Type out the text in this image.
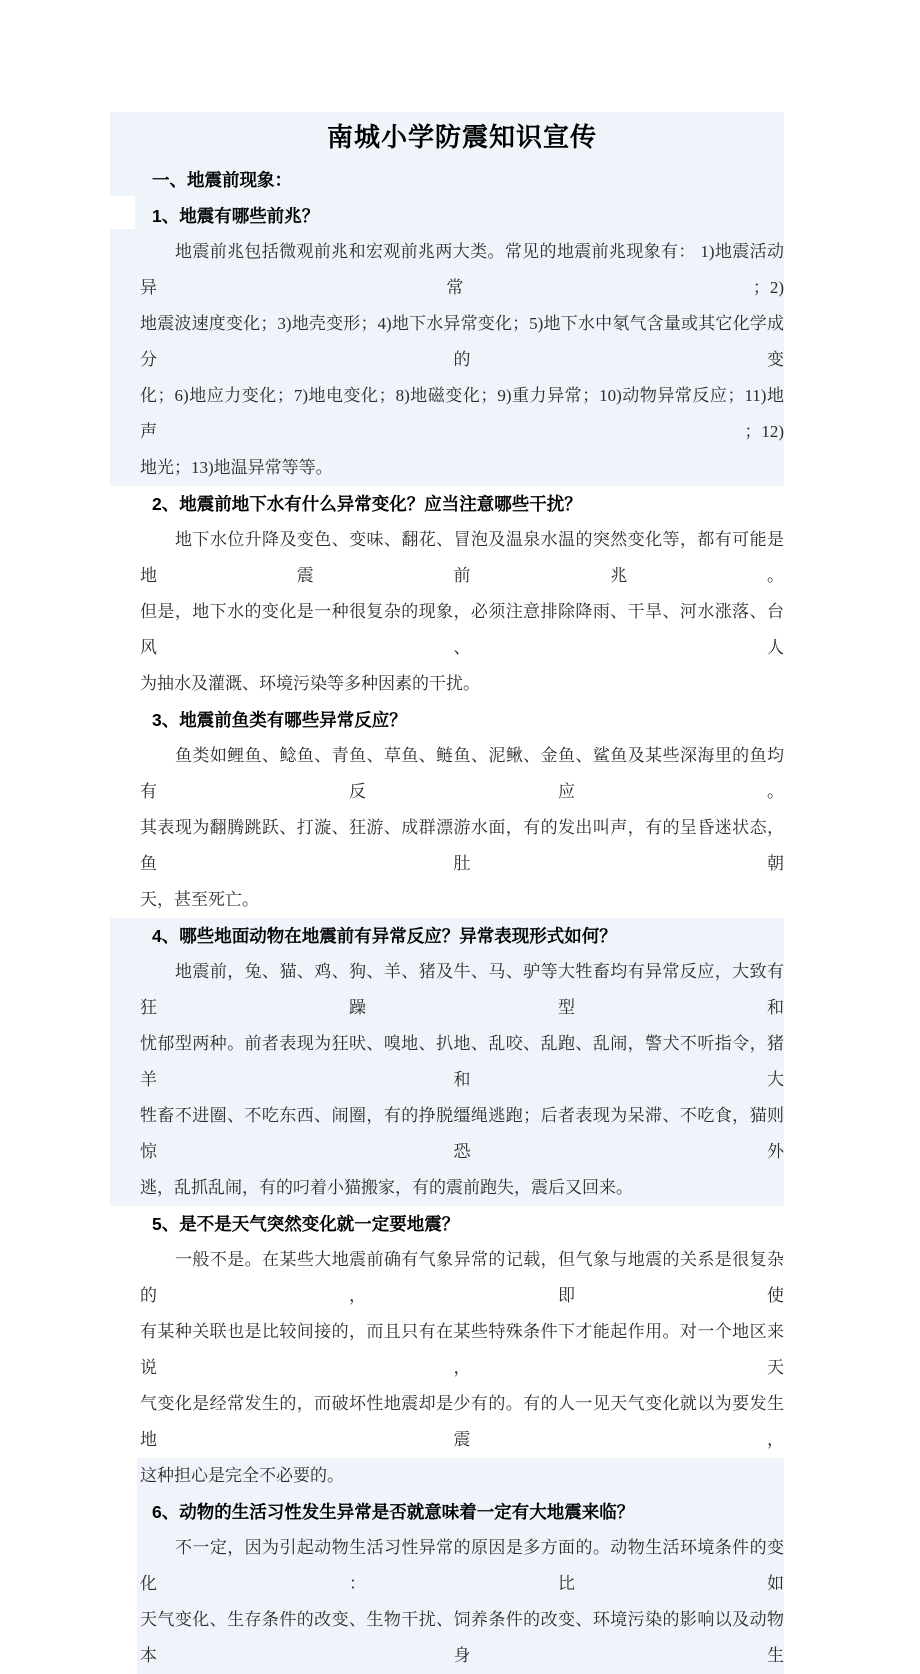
南城小学防震知识宣传
一、地震前现象：
1、地震有哪些前兆？
地震前兆包括微观前兆和宏观前兆两大类。常见的地震前兆现象有： 1)地震活动异常；2)
地震波速度变化；3)地壳变形；4)地下水异常变化；5)地下水中氡气含量或其它化学成分的变
化；6)地应力变化；7)地电变化；8)地磁变化；9)重力异常；10)动物异常反应；11)地声；12)
地光；13)地温异常等等。
2、地震前地下水有什么异常变化？应当注意哪些干扰？
地下水位升降及变色、变味、翻花、冒泡及温泉水温的突然变化等，都有可能是地震前兆。
但是，地下水的变化是一种很复杂的现象，必须注意排除降雨、干旱、河水涨落、台风、人
为抽水及灌溉、环境污染等多种因素的干扰。
3、地震前鱼类有哪些异常反应？
鱼类如鲤鱼、鲶鱼、青鱼、草鱼、鲢鱼、泥鳅、金鱼、鲨鱼及某些深海里的鱼均有反应。
其表现为翻腾跳跃、打漩、狂游、成群漂游水面，有的发出叫声，有的呈昏迷状态，鱼肚朝
天，甚至死亡。
4、哪些地面动物在地震前有异常反应？异常表现形式如何？
地震前，兔、猫、鸡、狗、羊、猪及牛、马、驴等大牲畜均有异常反应，大致有狂躁型和
忧郁型两种。前者表现为狂吠、嗅地、扒地、乱咬、乱跑、乱闹，警犬不听指令，猪羊和大
牲畜不进圈、不吃东西、闹圈，有的挣脱缰绳逃跑；后者表现为呆滞、不吃食，猫则惊恐外
逃，乱抓乱闹，有的叼着小猫搬家，有的震前跑失，震后又回来。
5、是不是天气突然变化就一定要地震？
一般不是。在某些大地震前确有气象异常的记载，但气象与地震的关系是很复杂的，即使
有某种关联也是比较间接的，而且只有在某些特殊条件下才能起作用。对一个地区来说，天
气变化是经常发生的，而破坏性地震却是少有的。有的人一见天气变化就以为要发生地震，
这种担心是完全不必要的。
6、动物的生活习性发生异常是否就意味着一定有大地震来临？
不一定，因为引起动物生活习性异常的原因是多方面的。动物生活环境条件的变化：比如
天气变化、生存条件的改变、生物干扰、饲养条件的改变、环境污染的影响以及动物本身生
